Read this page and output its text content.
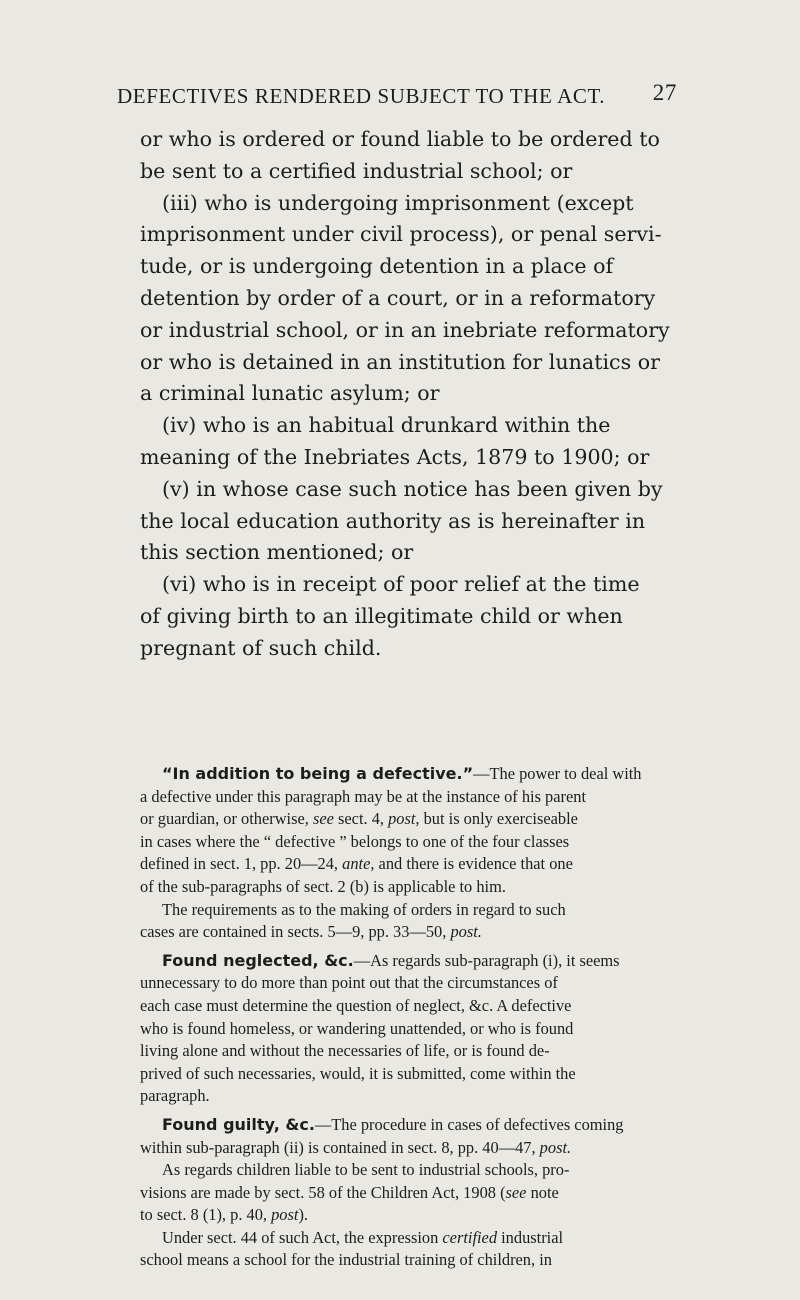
DEFECTIVES RENDERED SUBJECT TO THE ACT. 27
or who is ordered or found liable to be ordered to
be sent to a certified industrial school; or
(iii) who is undergoing imprisonment (except
imprisonment under civil process), or penal servi-
tude, or is undergoing detention in a place of
detention by order of a court, or in a reformatory
or industrial school, or in an inebriate reformatory
or who is detained in an institution for lunatics or
a criminal lunatic asylum; or
(iv) who is an habitual drunkard within the
meaning of the Inebriates Acts, 1879 to 1900; or
(v) in whose case such notice has been given by
the local education authority as is hereinafter in
this section mentioned; or
(vi) who is in receipt of poor relief at the time
of giving birth to an illegitimate child or when
pregnant of such child.
“In addition to being a defective.”—The power to deal with
a defective under this paragraph may be at the instance of his parent
or guardian, or otherwise, see sect. 4, post, but is only exerciseable
in cases where the “ defective ” belongs to one of the four classes
defined in sect. 1, pp. 20—24, ante, and there is evidence that one
of the sub-paragraphs of sect. 2 (b) is applicable to him.
The requirements as to the making of orders in regard to such
cases are contained in sects. 5—9, pp. 33—50, post.
Found neglected, &c.—As regards sub-paragraph (i), it seems
unnecessary to do more than point out that the circumstances of
each case must determine the question of neglect, &c. A defective
who is found homeless, or wandering unattended, or who is found
living alone and without the necessaries of life, or is found de-
prived of such necessaries, would, it is submitted, come within the
paragraph.
Found guilty, &c.—The procedure in cases of defectives coming
within sub-paragraph (ii) is contained in sect. 8, pp. 40—47, post.
As regards children liable to be sent to industrial schools, pro-
visions are made by sect. 58 of the Children Act, 1908 (see note
to sect. 8 (1), p. 40, post).
Under sect. 44 of such Act, the expression certified industrial
school means a school for the industrial training of children, in
